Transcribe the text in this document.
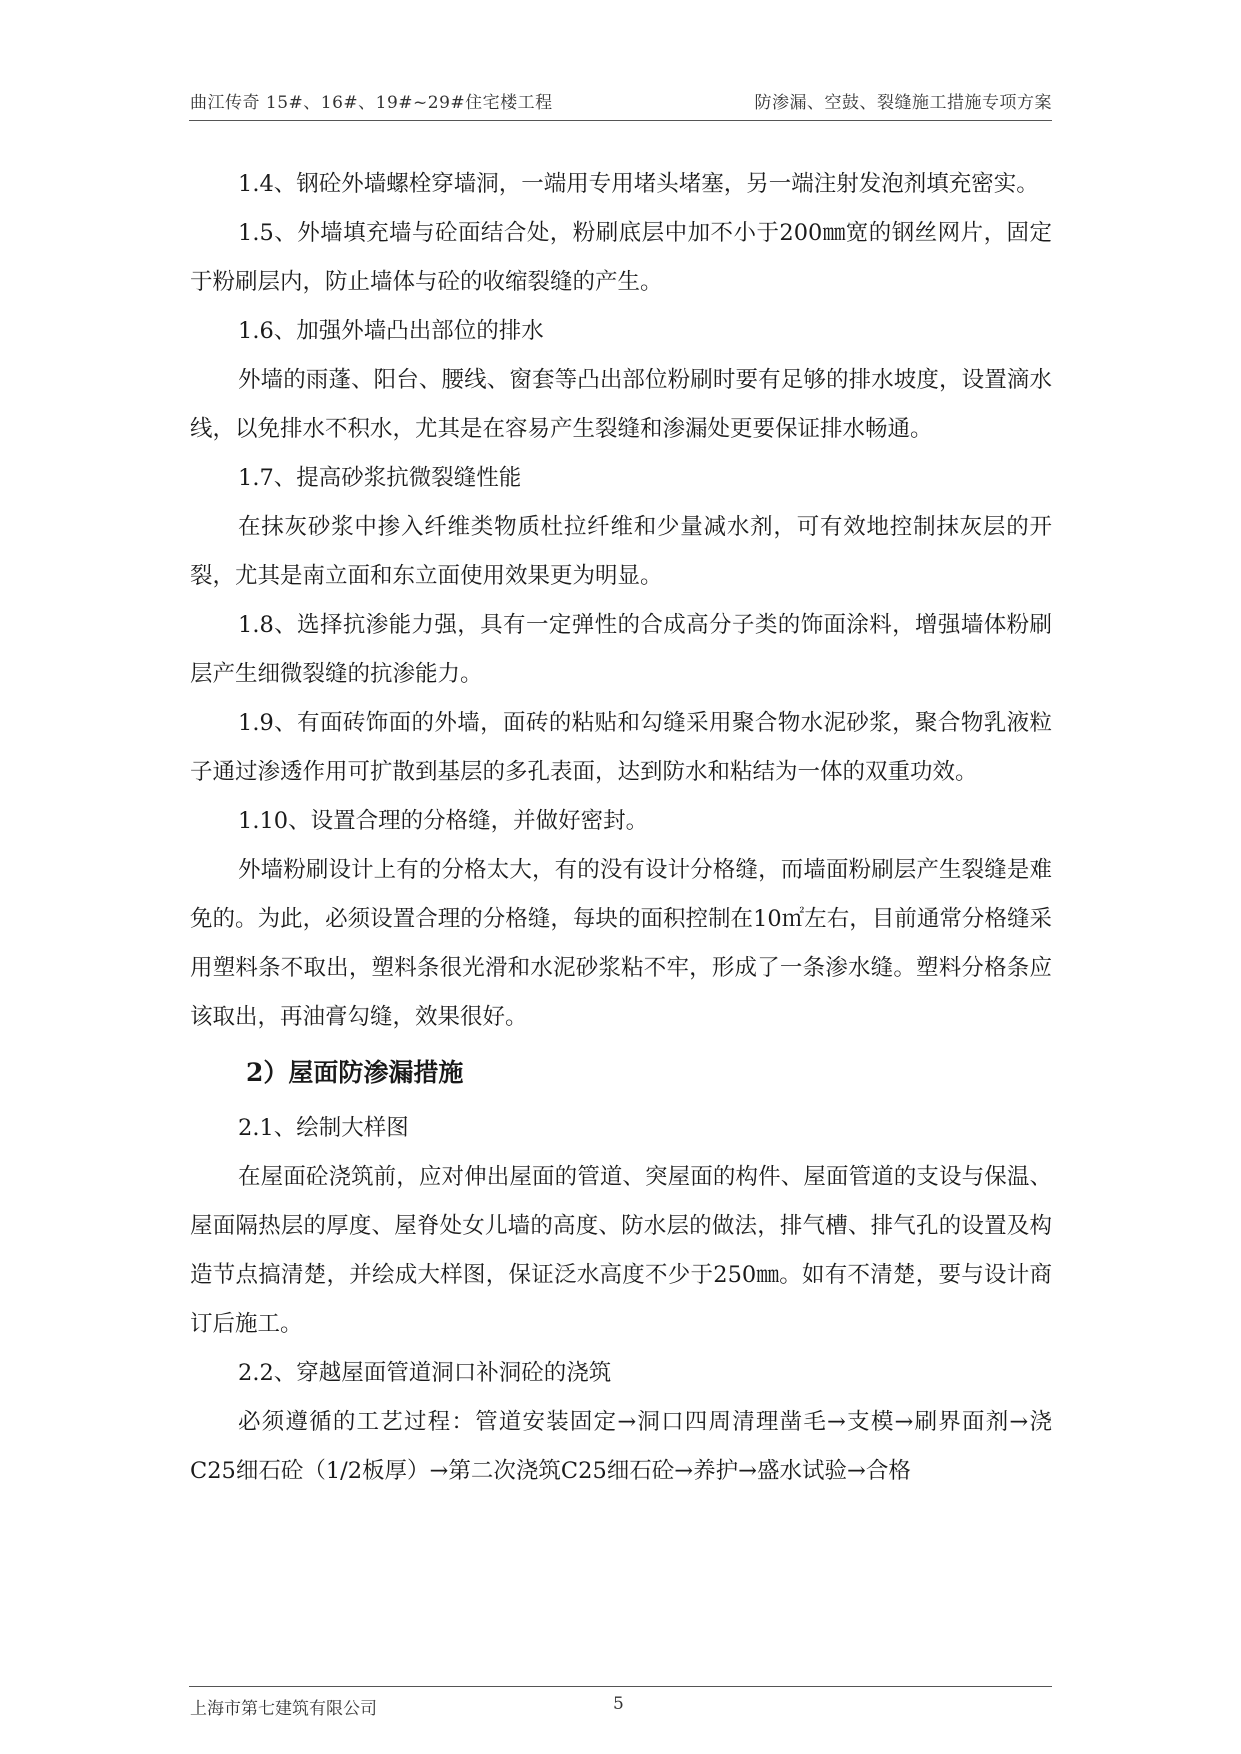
曲江传奇 15#、16#、19#~29#住宅楼工程	防渗漏、空鼓、裂缝施工措施专项方案

1.4、钢砼外墙螺栓穿墙洞，一端用专用堵头堵塞，另一端注射发泡剂填充密实。

1.5、外墙填充墙与砼面结合处，粉刷底层中加不小于200㎜宽的钢丝网片，固定于粉刷层内，防止墙体与砼的收缩裂缝的产生。

1.6、加强外墙凸出部位的排水

外墙的雨蓬、阳台、腰线、窗套等凸出部位粉刷时要有足够的排水坡度，设置滴水线，以免排水不积水，尤其是在容易产生裂缝和渗漏处更要保证排水畅通。

1.7、提高砂浆抗微裂缝性能

在抹灰砂浆中掺入纤维类物质杜拉纤维和少量减水剂，可有效地控制抹灰层的开裂，尤其是南立面和东立面使用效果更为明显。

1.8、选择抗渗能力强，具有一定弹性的合成高分子类的饰面涂料，增强墙体粉刷层产生细微裂缝的抗渗能力。

1.9、有面砖饰面的外墙，面砖的粘贴和勾缝采用聚合物水泥砂浆，聚合物乳液粒子通过渗透作用可扩散到基层的多孔表面，达到防水和粘结为一体的双重功效。

1.10、设置合理的分格缝，并做好密封。

外墙粉刷设计上有的分格太大，有的没有设计分格缝，而墙面粉刷层产生裂缝是难免的。为此，必须设置合理的分格缝，每块的面积控制在10㎡左右，目前通常分格缝采用塑料条不取出，塑料条很光滑和水泥砂浆粘不牢，形成了一条渗水缝。塑料分格条应该取出，再油膏勾缝，效果很好。

2）屋面防渗漏措施

2.1、绘制大样图

在屋面砼浇筑前，应对伸出屋面的管道、突屋面的构件、屋面管道的支设与保温、屋面隔热层的厚度、屋脊处女儿墙的高度、防水层的做法，排气槽、排气孔的设置及构造节点搞清楚，并绘成大样图，保证泛水高度不少于250㎜。如有不清楚，要与设计商订后施工。

2.2、穿越屋面管道洞口补洞砼的浇筑

必须遵循的工艺过程：管道安装固定→洞口四周清理凿毛→支模→刷界面剂→浇C25细石砼（1/2板厚）→第二次浇筑C25细石砼→养护→盛水试验→合格

上海市第七建筑有限公司	5
